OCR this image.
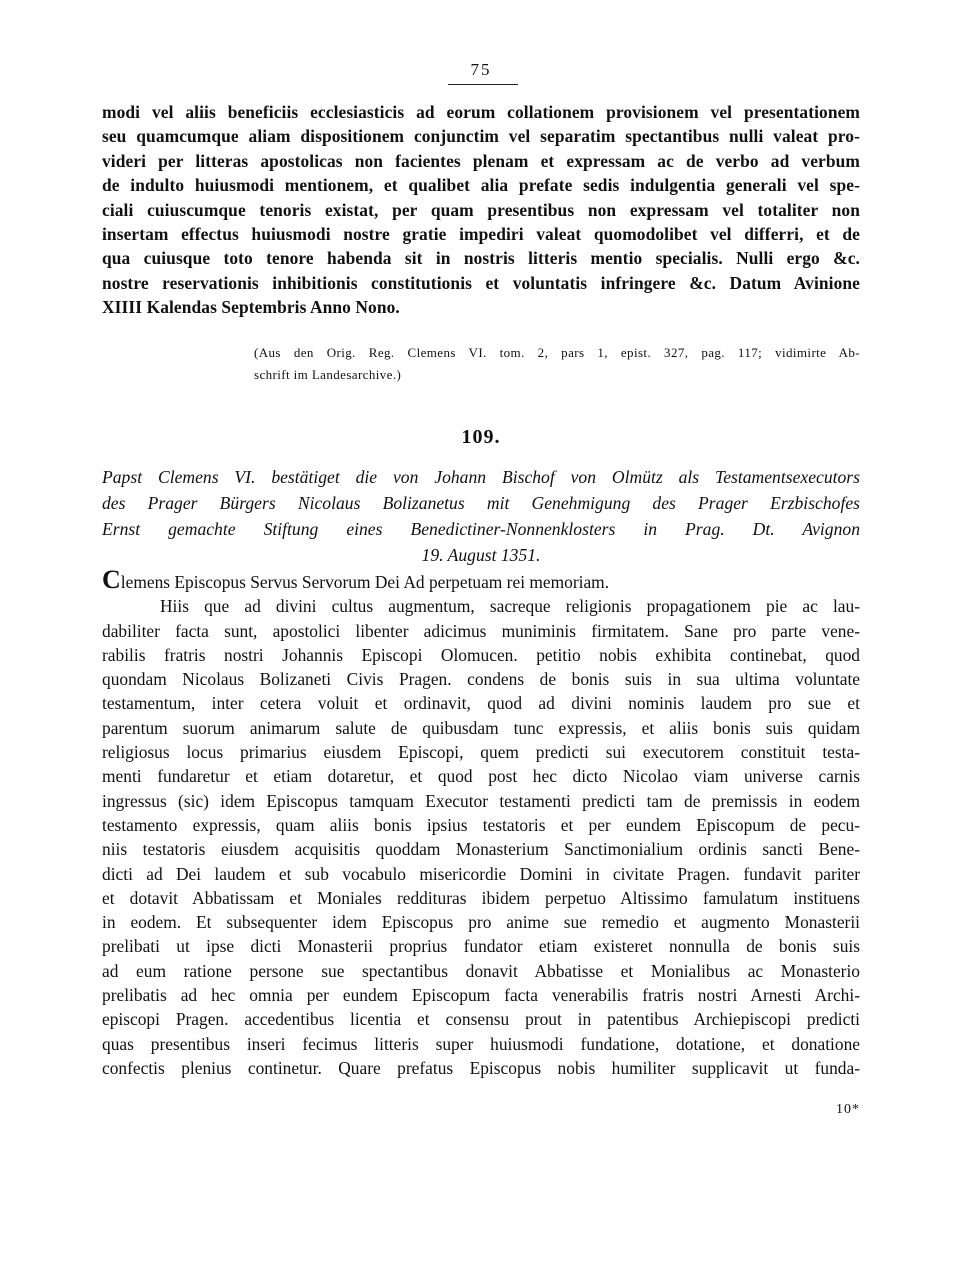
75
modi vel aliis beneficiis ecclesiasticis ad eorum collationem provisionem vel presentationem
seu quamcumque aliam dispositionem conjunctim vel separatim spectantibus nulli valeat pro-
videri per litteras apostolicas non facientes plenam et expressam ac de verbo ad verbum
de indulto huiusmodi mentionem, et qualibet alia prefate sedis indulgentia generali vel spe-
ciali cuiuscumque tenoris existat, per quam presentibus non expressam vel totaliter non
insertam effectus huiusmodi nostre gratie impediri valeat quomodolibet vel differri, et de
qua cuiusque toto tenore habenda sit in nostris litteris mentio specialis. Nulli ergo &c.
nostre reservationis inhibitionis constitutionis et voluntatis infringere &c. Datum Avinione
XIIII Kalendas Septembris Anno Nono.
(Aus den Orig. Reg. Clemens VI. tom. 2, pars 1, epist. 327, pag. 117; vidimirte Ab-
schrift im Landesarchive.)
109.
Papst Clemens VI. bestätiget die von Johann Bischof von Olmütz als Testamentsexecutors
des Prager Bürgers Nicolaus Bolizanetus mit Genehmigung des Prager Erzbischofes
Ernst gemachte Stiftung eines Benedictiner-Nonnenklosters in Prag. Dt. Avignon
19. August 1351.
Clemens Episcopus Servus Servorum Dei Ad perpetuam rei memoriam.
Hiis que ad divini cultus augmentum, sacreque religionis propagationem pie ac lau-
dabiliter facta sunt, apostolici libenter adicimus muniminis firmitatem. Sane pro parte vene-
rabilis fratris nostri Johannis Episcopi Olomucen. petitio nobis exhibita continebat, quod
quondam Nicolaus Bolizaneti Civis Pragen. condens de bonis suis in sua ultima voluntate
testamentum, inter cetera voluit et ordinavit, quod ad divini nominis laudem pro sue et
parentum suorum animarum salute de quibusdam tunc expressis, et aliis bonis suis quidam
religiosus locus primarius eiusdem Episcopi, quem predicti sui executorem constituit testa-
menti fundaretur et etiam dotaretur, et quod post hec dicto Nicolao viam universe carnis
ingressus (sic) idem Episcopus tamquam Executor testamenti predicti tam de premissis in eodem
testamento expressis, quam aliis bonis ipsius testatoris et per eundem Episcopum de pecu-
niis testatoris eiusdem acquisitis quoddam Monasterium Sanctimonialium ordinis sancti Bene-
dicti ad Dei laudem et sub vocabulo misericordie Domini in civitate Pragen. fundavit pariter
et dotavit Abbatissam et Moniales reddituras ibidem perpetuo Altissimo famulatum instituens
in eodem. Et subsequenter idem Episcopus pro anime sue remedio et augmento Monasterii
prelibati ut ipse dicti Monasterii proprius fundator etiam existeret nonnulla de bonis suis
ad eum ratione persone sue spectantibus donavit Abbatisse et Monialibus ac Monasterio
prelibatis ad hec omnia per eundem Episcopum facta venerabilis fratris nostri Arnesti Archi-
episcopi Pragen. accedentibus licentia et consensu prout in patentibus Archiepiscopi predicti
quas presentibus inseri fecimus litteris super huiusmodi fundatione, dotatione, et donatione
confectis plenius continetur. Quare prefatus Episcopus nobis humiliter supplicavit ut funda-
10*
